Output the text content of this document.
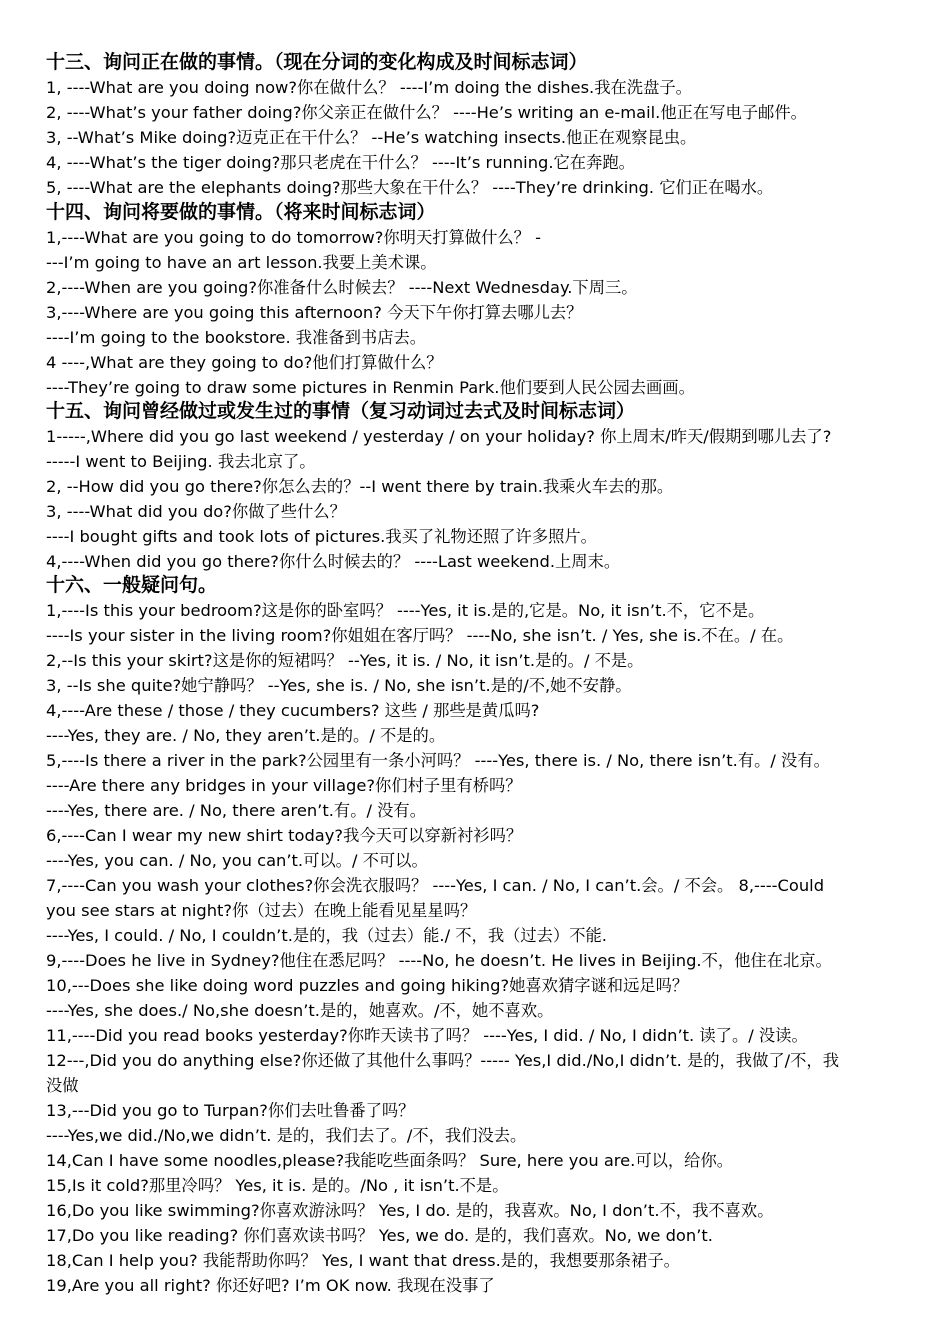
十三、询问正在做的事情。（现在分词的变化构成及时间标志词）
1, ----What are you doing now?你在做什么？ ----I’m doing the dishes.我在洗盘子。
2, ----What’s your father doing?你父亲正在做什么？ ----He’s writing an e-mail.他正在写电子邮件。
3, --What’s Mike doing?迈克正在干什么？ --He’s watching insects.他正在观察昆虫。
4, ----What’s the tiger doing?那只老虎在干什么？ ----It’s running.它在奔跑。
5, ----What are the elephants doing?那些大象在干什么？ ----They’re drinking. 它们正在喝水。
十四、询问将要做的事情。（将来时间标志词）
1,----What are you going to do tomorrow?你明天打算做什么？ -
---I’m going to have an art lesson.我要上美术课。
2,----When are you going?你准备什么时候去？ ----Next Wednesday.下周三。
3,----Where are you going this afternoon? 今天下午你打算去哪儿去？
----I’m going to the bookstore. 我准备到书店去。
4 ----,What are they going to do?他们打算做什么？
----They’re going to draw some pictures in Renmin Park.他们要到人民公园去画画。
十五、询问曾经做过或发生过的事情（复习动词过去式及时间标志词）
1-----,Where did you go last weekend / yesterday / on your holiday? 你上周末/昨天/假期到哪儿去了?
-----I went to Beijing. 我去北京了。
2, --How did you go there?你怎么去的？--I went there by train.我乘火车去的那。
3, ----What did you do?你做了些什么？
----I bought gifts and took lots of pictures.我买了礼物还照了许多照片。
4,----When did you go there?你什么时候去的？ ----Last weekend.上周末。
十六、一般疑问句。
1,----Is this your bedroom?这是你的卧室吗？ ----Yes, it is.是的,它是。No, it isn’t.不，它不是。
----Is your sister in the living room?你姐姐在客厅吗？ ----No, she isn’t. / Yes, she is.不在。/ 在。
2,--Is this your skirt?这是你的短裙吗？ --Yes, it is. / No, it isn’t.是的。/ 不是。
3, --Is she quite?她宁静吗？ --Yes, she is. / No, she isn’t.是的/不,她不安静。
4,----Are these / those / they cucumbers? 这些 / 那些是黄瓜吗?
----Yes, they are. / No, they aren’t.是的。/ 不是的。
5,----Is there a river in the park?公园里有一条小河吗？ ----Yes, there is. / No, there isn’t.有。/ 没有。
----Are there any bridges in your village?你们村子里有桥吗？
----Yes, there are. / No, there aren’t.有。/ 没有。
6,----Can I wear my new shirt today?我今天可以穿新衬衫吗？
----Yes, you can. / No, you can’t.可以。/ 不可以。
7,----Can you wash your clothes?你会洗衣服吗？ ----Yes, I can. / No, I can’t.会。/ 不会。 8,----Could
you see stars at night?你（过去）在晚上能看见星星吗？
----Yes, I could. / No, I couldn’t.是的，我（过去）能./ 不，我（过去）不能.
9,----Does he live in Sydney?他住在悉尼吗？ ----No, he doesn’t. He lives in Beijing.不，他住在北京。
10,---Does she like doing word puzzles and going hiking?她喜欢猜字谜和远足吗？
----Yes, she does./ No,she doesn’t.是的，她喜欢。/不，她不喜欢。
11,----Did you read books yesterday?你昨天读书了吗？ ----Yes, I did. / No, I didn’t. 读了。/ 没读。
12---,Did you do anything else?你还做了其他什么事吗？----- Yes,I did./No,I didn’t. 是的，我做了/不，我
没做
13,---Did you go to Turpan?你们去吐鲁番了吗？
----Yes,we did./No,we didn’t. 是的，我们去了。/不，我们没去。
14,Can I have some noodles,please?我能吃些面条吗？ Sure, here you are.可以，给你。
15,Is it cold?那里冷吗？ Yes, it is. 是的。/No , it isn’t.不是。
16,Do you like swimming?你喜欢游泳吗？ Yes, I do. 是的，我喜欢。No, I don’t.不，我不喜欢。
17,Do you like reading? 你们喜欢读书吗？ Yes, we do. 是的，我们喜欢。No, we don’t.
18,Can I help you? 我能帮助你吗？ Yes, I want that dress.是的，我想要那条裙子。
19,Are you all right? 你还好吧? I’m OK now. 我现在没事了
